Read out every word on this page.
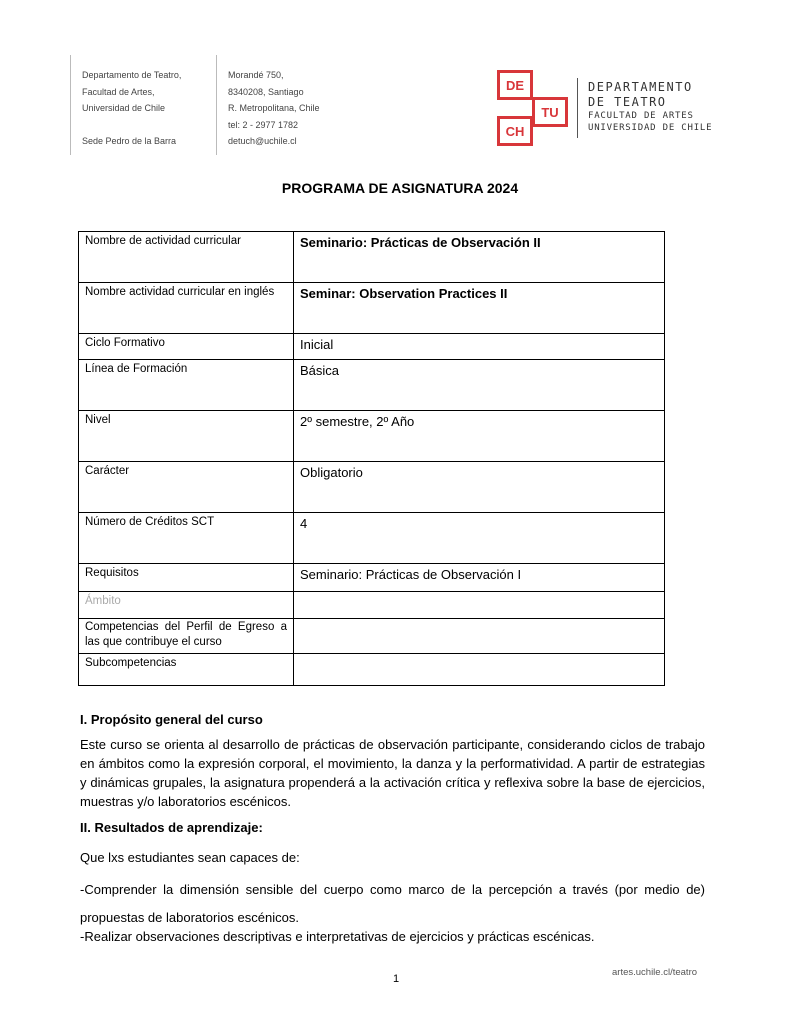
Departamento de Teatro,
Facultad de Artes,
Universidad de Chile
Sede Pedro de la Barra
Morandé 750,
8340208, Santiago
R. Metropolitana, Chile
tel: 2 - 2977 1782
detuch@uchile.cl
DE
TU
CH
DEPARTAMENTO
DE TEATRO
FACULTAD DE ARTES
UNIVERSIDAD DE CHILE
PROGRAMA DE ASIGNATURA 2024
Nombre de actividad curricular	Seminario: Prácticas de Observación II
Nombre actividad curricular en inglés	Seminar: Observation Practices II
Ciclo Formativo	Inicial
Línea de Formación	Básica
Nivel	2º semestre, 2º Año
Carácter	Obligatorio
Número de Créditos SCT	4
Requisitos	Seminario: Prácticas de Observación I
Ámbito	
Competencias del Perfil de Egreso a las que contribuye el curso	
Subcompetencias	
I. Propósito general del curso
Este curso se orienta al desarrollo de prácticas de observación participante, considerando ciclos de trabajo en ámbitos como la expresión corporal, el movimiento, la danza y la performatividad. A partir de estrategias y dinámicas grupales, la asignatura propenderá a la activación crítica y reflexiva sobre la base de ejercicios, muestras y/o laboratorios escénicos.
II. Resultados de aprendizaje:
Que lxs estudiantes sean capaces de:
-Comprender la dimensión sensible del cuerpo como marco de la percepción a través (por medio de) propuestas de laboratorios escénicos.
-Realizar observaciones descriptivas e interpretativas de ejercicios y prácticas escénicas.
1
artes.uchile.cl/teatro
